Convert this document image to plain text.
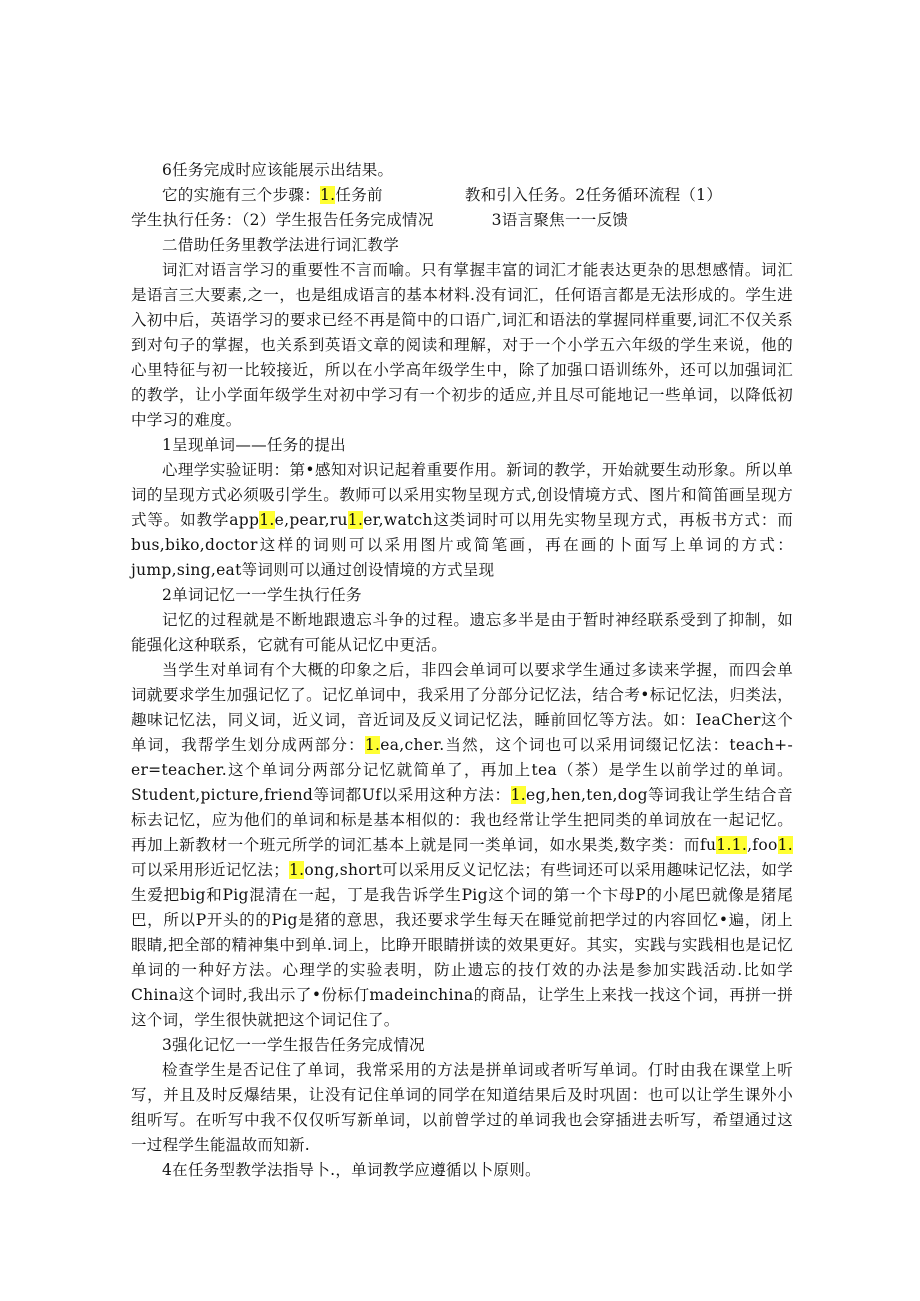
6任务完成时应该能展示出结果。

它的实施有三个步骤：1.任务前	教和引入任务。2任务循环流程（1）

学生执行任务：（2）学生报告任务完成情况	3语言聚焦一一反馈

二借助任务里教学法进行词汇教学

词汇对语言学习的重要性不言而喻。只有掌握丰富的词汇才能表达更杂的思想感情。词汇是语言三大要素,之一，也是组成语言的基本材料.没有词汇，任何语言都是无法形成的。学生进入初中后，英语学习的要求已经不再是简中的口语广,词汇和语法的掌握同样重要,词汇不仅关系到对句子的掌握，也关系到英语文章的阅读和理解，对于一个小学五六年级的学生来说，他的心里特征与初一比较接近，所以在小学高年级学生中，除了加强口语训练外，还可以加强词汇的教学，让小学面年级学生对初中学习有一个初步的适应,并且尽可能地记一些单词，以降低初中学习的难度。

1呈现单词——任务的提出

心理学实验证明：第•感知对识记起着重要作用。新词的教学，开始就要生动形象。所以单词的呈现方式必须吸引学生。教师可以采用实物呈现方式,创设情境方式、图片和简笛画呈现方式等。如教学app1.e,pear,ru1.er,watch这类词时可以用先实物呈现方式，再板书方式：而bus,biko,doctor这样的词则可以采用图片或简笔画，再在画的卜面写上单词的方式：jump,sing,eat等词则可以通过创设情境的方式呈现

2单词记忆一一学生执行任务

记忆的过程就是不断地跟遗忘斗争的过程。遗忘多半是由于暂时神经联系受到了抑制，如能强化这种联系，它就有可能从记忆中更活。

当学生对单词有个大概的印象之后，非四会单词可以要求学生通过多读来学握，而四会单词就要求学生加强记忆了。记忆单词中，我采用了分部分记忆法，结合考•标记忆法，归类法，趣味记忆法，同义词，近义词，音近词及反义词记忆法，睡前回忆等方法。如：IeaCher这个单词，我帮学生划分成两部分：1.ea,cher.当然，这个词也可以采用词缀记忆法：teach+-er=teacher.这个单词分两部分记忆就简单了，再加上tea（茶）是学生以前学过的单词。Student,picture,friend等词都Uf以采用这种方法：1.eg,hen,ten,dog等词我让学生结合音标去记忆，应为他们的单词和标是基本相似的：我也经常让学生把同类的单词放在一起记忆。再加上新教材一个班元所学的词汇基本上就是同一类单词，如水果类,数字类：而fu1.1.,foo1.可以采用形近记忆法；1.ong,short可以采用反义记忆法；有些词还可以采用趣味记忆法，如学生爱把big和Pig混清在一起，丁是我告诉学生Pig这个词的第一个卞母P的小尾巴就像是猪尾巴，所以P开头的的Pig是猪的意思，我还要求学生每天在睡觉前把学过的内容回忆•遍，闭上眼睛,把全部的精神集中到单.词上，比睁开眼睛拼读的效果更好。其实，实践与实践相也是记忆单词的一种好方法。心理学的实验表明，防止遗忘的技仃效的办法是参加实践活动.比如学China这个词时,我出示了•份标仃madeinchina的商品，让学生上来找一找这个词，再拼一拼这个词，学生很快就把这个词记住了。

3强化记忆一一学生报告任务完成情况

检查学生是否记住了单词，我常采用的方法是拼单词或者听写单词。仃时由我在课堂上听写，并且及时反爆结果，让没有记住单词的同学在知道结果后及时巩固：也可以让学生课外小组听写。在听写中我不仅仅听写新单词，以前曾学过的单词我也会穿插进去听写，希望通过这一过程学生能温故而知新.

4在任务型教学法指导卜.，单词教学应遵循以卜原则。
